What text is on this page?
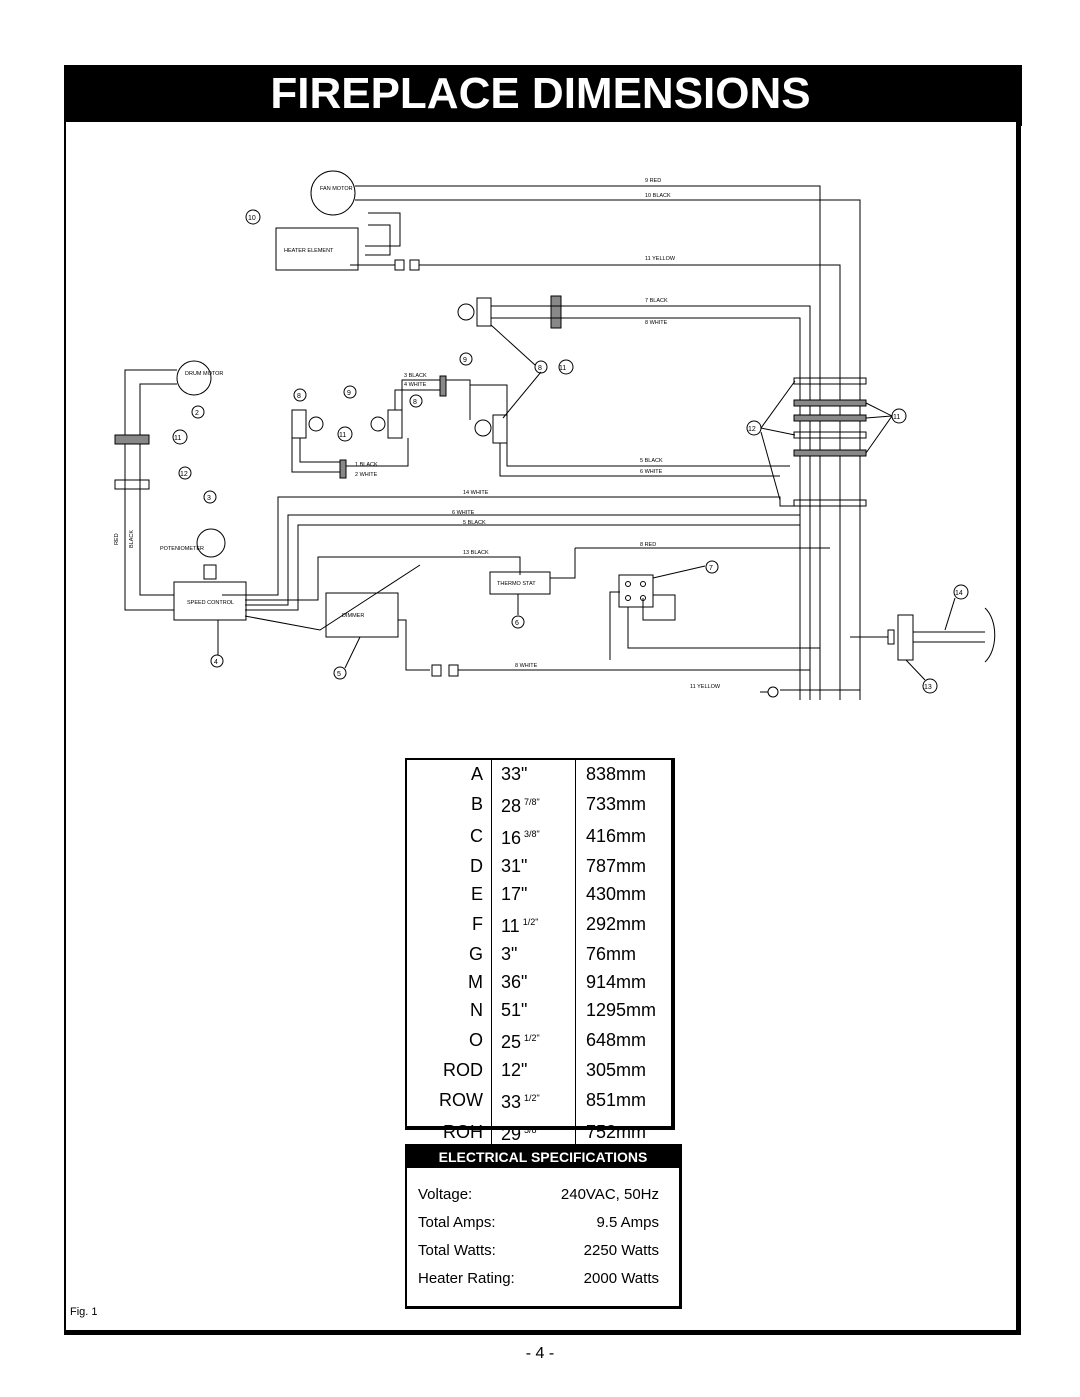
FIREPLACE DIMENSIONS
FAN MOTOR
HEATER ELEMENT
10
9 RED
10 BLACK
11 YELLOW
7 BLACK
8 WHITE
9
8 11
DRUM MOTOR
2
11
12
3
RED BLACK
POTENIOMETER
SPEED CONTROL
4
8	9
8
11
3 BLACK
4 WHITE
1 BLACK
2 WHITE
5 BLACK
6 WHITE
11
12
14 WHITE
6 WHITE
5 BLACK
13 BLACK
8 RED
THERMO STAT
6
7
DIMMER
5
8 WHITE
11 YELLOW
14
13
A	33"	838mm
B	28 $^{7/8"}$	733mm
C	16 $^{3/8"}$	416mm
D	31"	787mm
E	17"	430mm
F	11 $^{1/2"}$	292mm
G	3"	76mm
M	36"	914mm
N	51"	1295mm
O	25 $^{1/2"}$	648mm
ROD	12"	305mm
ROW	33 $^{1/2"}$	851mm
ROH	29 $^{5/8"}$	752mm
ELECTRICAL SPECIFICATIONS
Voltage:	240VAC, 50Hz
Total Amps:	9.5 Amps
Total Watts:	2250 Watts
Heater Rating:	2000 Watts
Fig. 1
- 4 -
